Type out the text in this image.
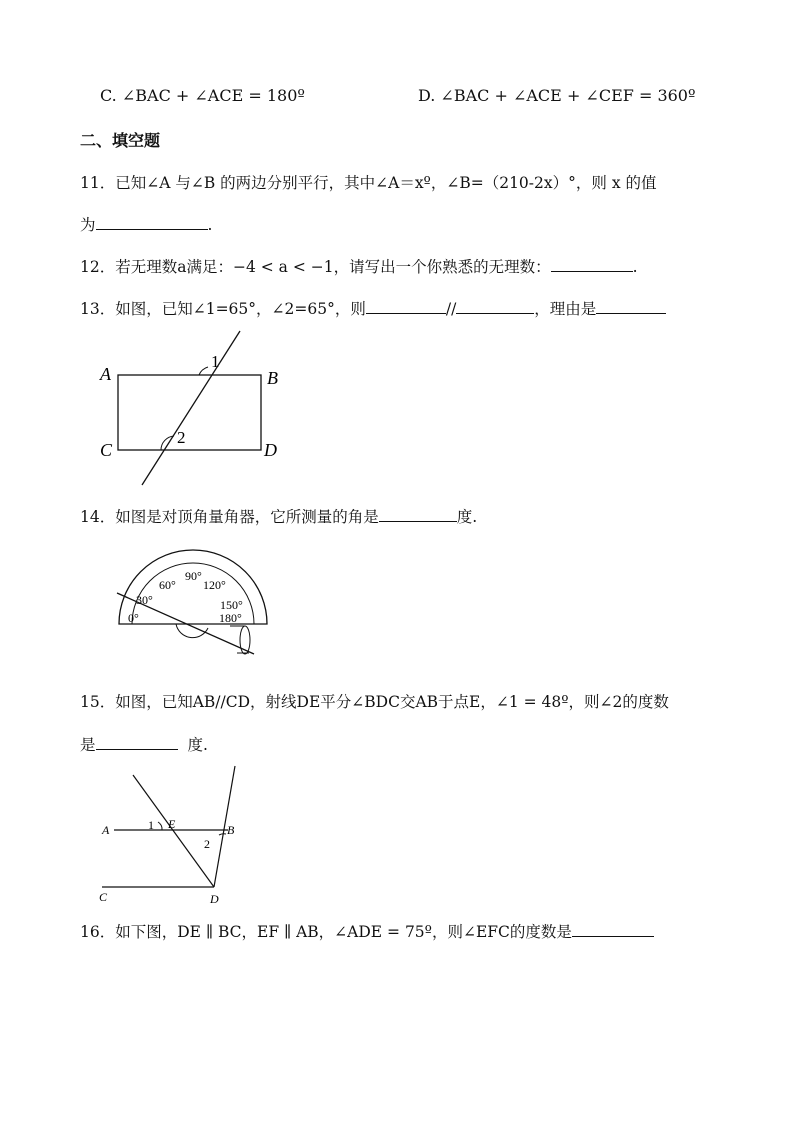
C. ∠BAC + ∠ACE = 180º	D. ∠BAC + ∠ACE + ∠CEF = 360º
二、填空题
11．已知∠A 与∠B 的两边分别平行，其中∠A＝xº，∠B=（210-2x）°，则 x 的值
为	.
12．若无理数a满足：−4 < a < −1，请写出一个你熟悉的无理数：	.
13．如图，已知∠1=65°，∠2=65°，则	//	，理由是
A	B
C	D
1
2
14．如图是对顶角量角器，它所测量的角是	度.
0°
30°
60°
90°
120°
150°
180°
15．如图，已知AB//CD，射线DE平分∠BDC交AB于点E，∠1 = 48º，则∠2的度数
是	度.
A	B
C	D
E
1
2
16．如下图，DE ∥ BC，EF ∥ AB，∠ADE = 75º，则∠EFC的度数是
